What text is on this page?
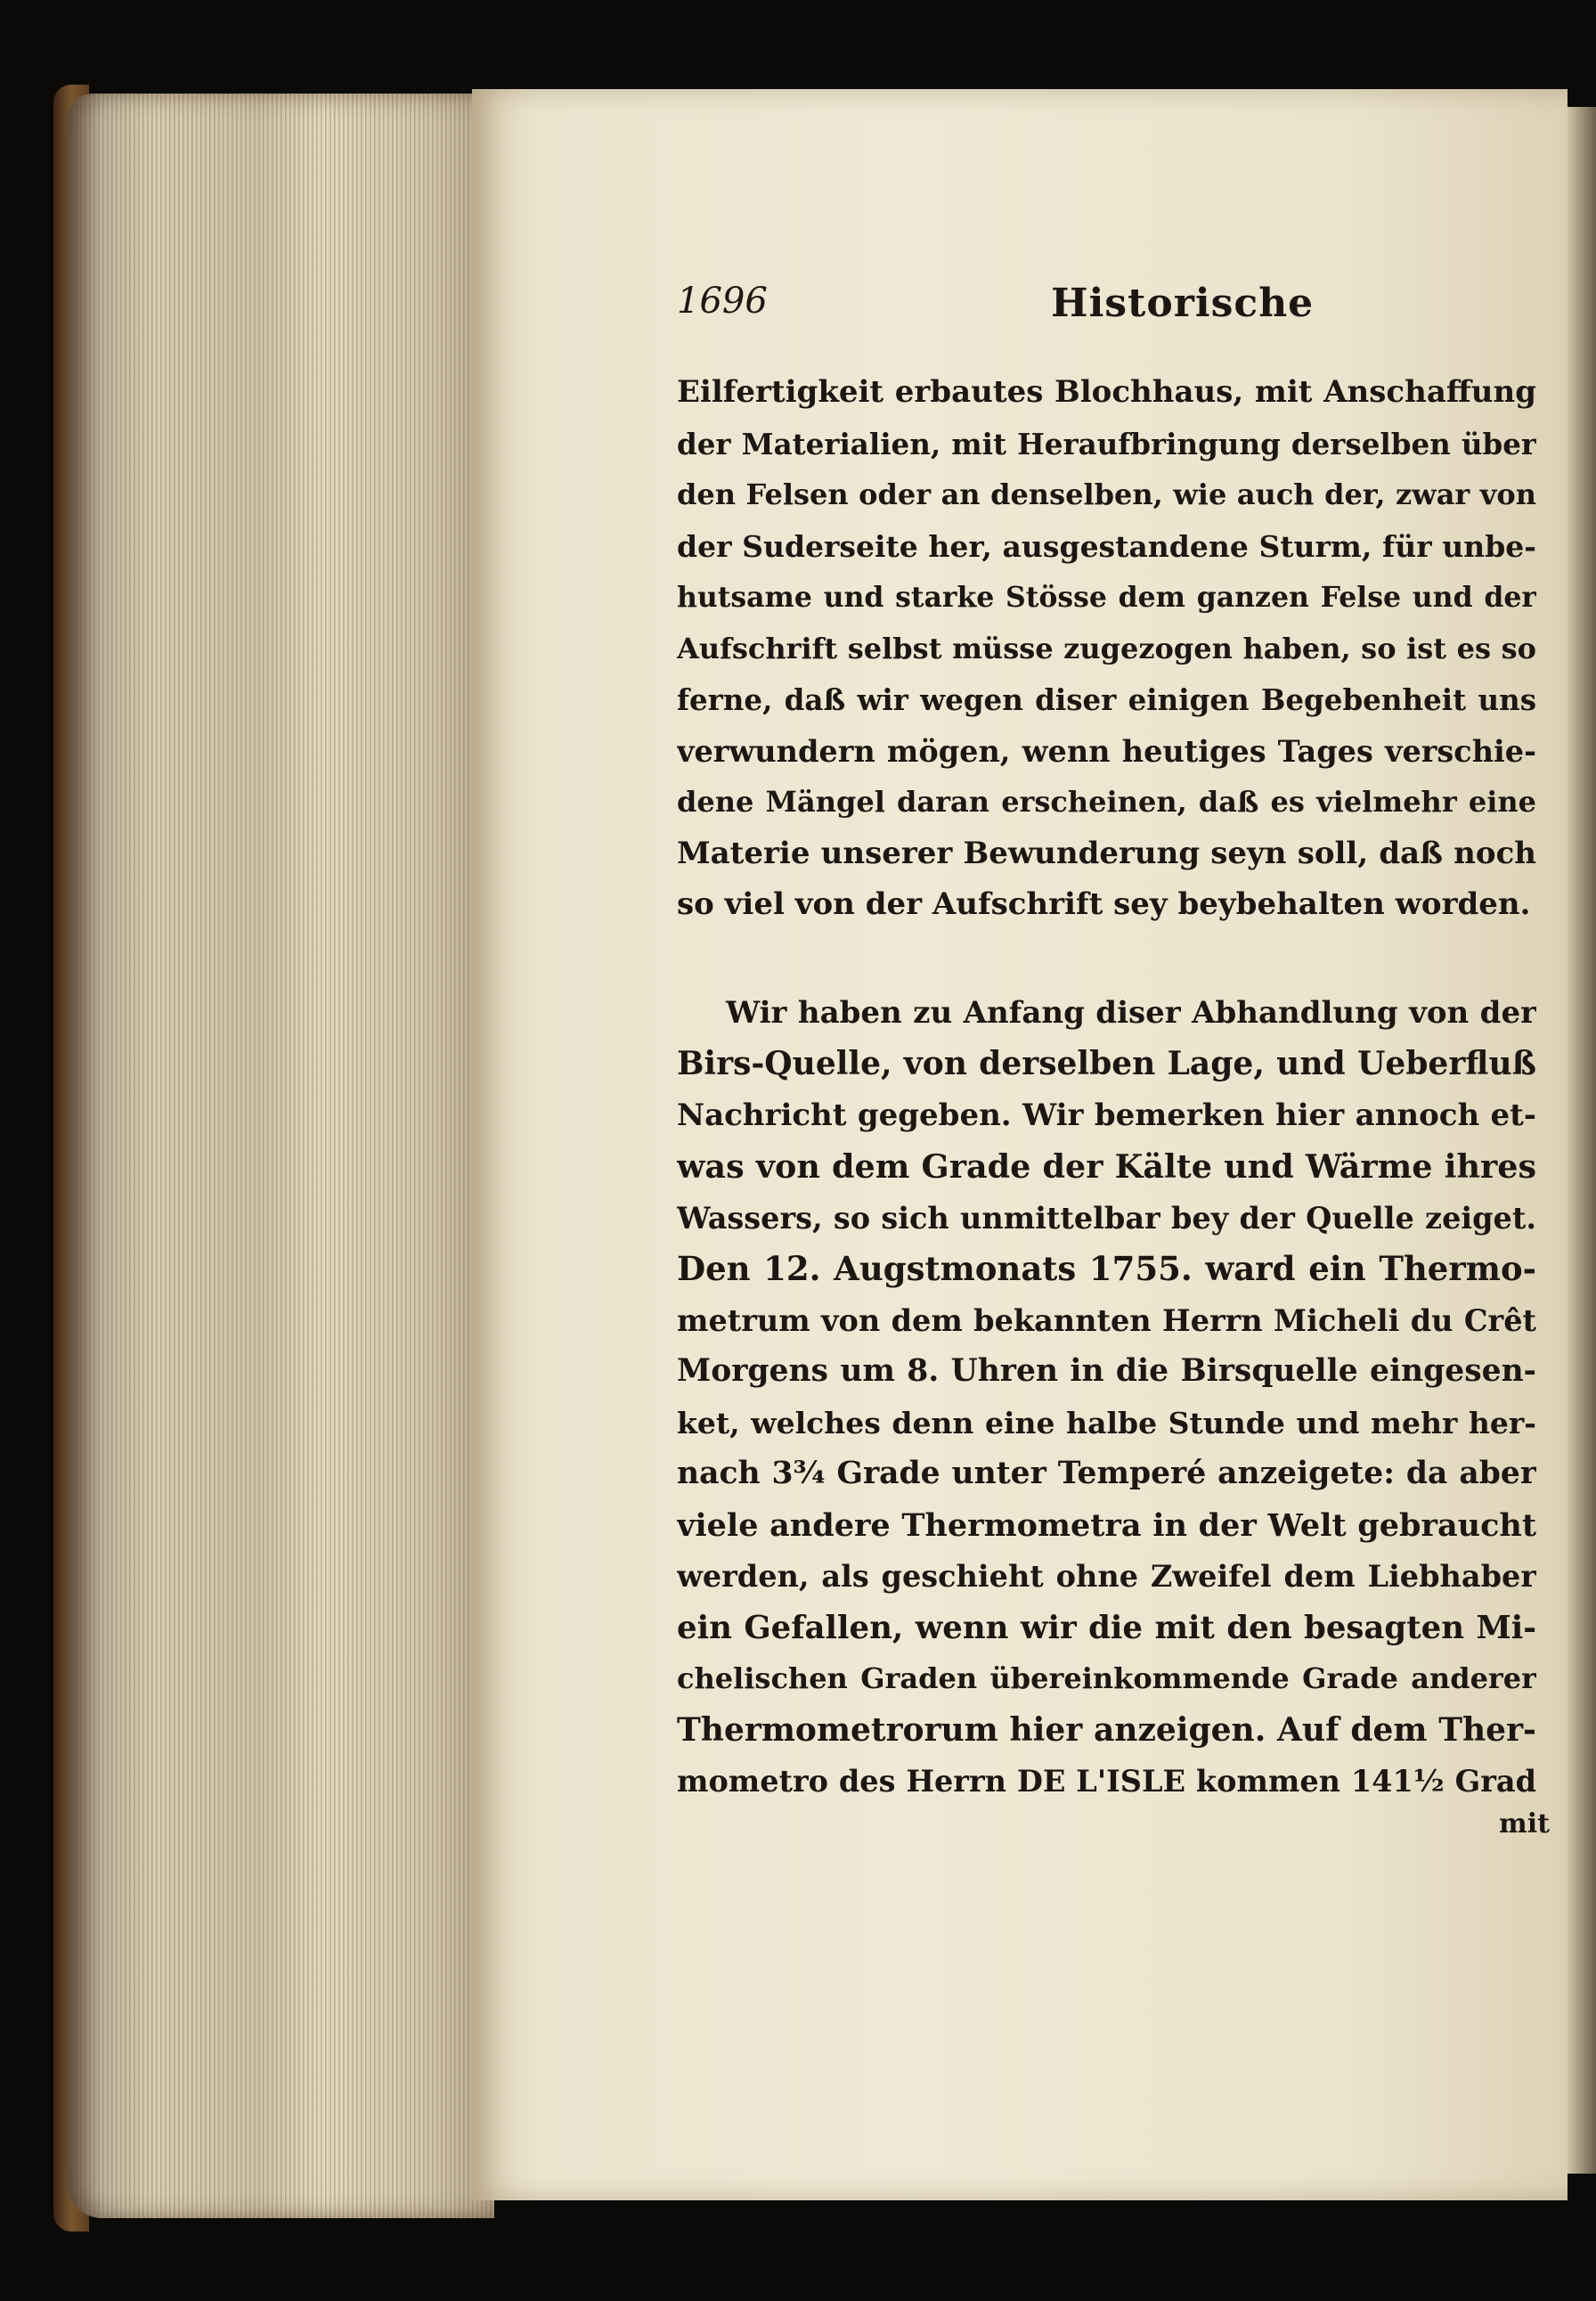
1696	Historische
Eilfertigkeit erbautes Blochhaus, mit Anschaffung
der Materialien, mit Heraufbringung derselben über
den Felsen oder an denselben, wie auch der, zwar von
der Suderseite her, ausgestandene Sturm, für unbe-
hutsame und starke Stösse dem ganzen Felse und der
Aufschrift selbst müsse zugezogen haben, so ist es so
ferne, daß wir wegen diser einigen Begebenheit uns
verwundern mögen, wenn heutiges Tages verschie-
dene Mängel daran erscheinen, daß es vielmehr eine
Materie unserer Bewunderung seyn soll, daß noch
so viel von der Aufschrift sey beybehalten worden.
Wir haben zu Anfang diser Abhandlung von der
Birs-Quelle, von derselben Lage, und Ueberfluß
Nachricht gegeben. Wir bemerken hier annoch et-
was von dem Grade der Kälte und Wärme ihres
Wassers, so sich unmittelbar bey der Quelle zeiget.
Den 12. Augstmonats 1755. ward ein Thermo-
metrum von dem bekannten Herrn Micheli du Crêt
Morgens um 8. Uhren in die Birsquelle eingesen-
ket, welches denn eine halbe Stunde und mehr her-
nach 3¾ Grade unter Temperé anzeigete: da aber
viele andere Thermometra in der Welt gebraucht
werden, als geschieht ohne Zweifel dem Liebhaber
ein Gefallen, wenn wir die mit den besagten Mi-
chelischen Graden übereinkommende Grade anderer
Thermometrorum hier anzeigen. Auf dem Ther-
mometro des Herrn DE L'ISLE kommen 141½ Grad
mit
